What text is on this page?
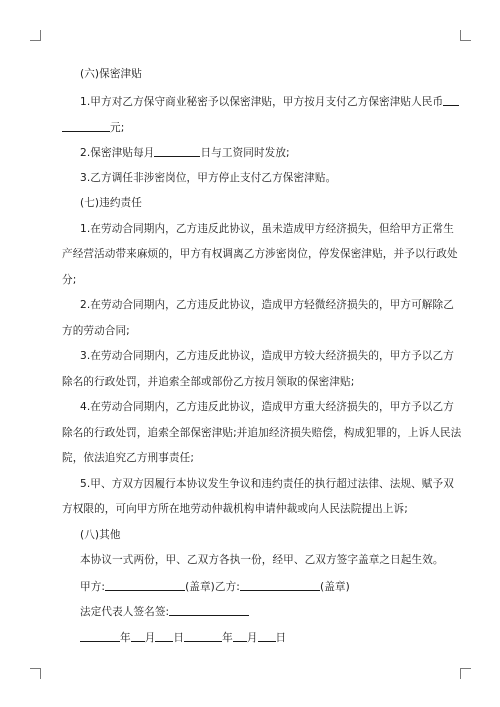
(六)保密津贴
1.甲方对乙方保守商业秘密予以保密津贴，甲方按月支付乙方保密津贴人民币
元;
2.保密津贴每月	日与工资同时发放;
3.乙方调任非涉密岗位，甲方停止支付乙方保密津贴。
(七)违约责任
1.在劳动合同期内，乙方违反此协议，虽未造成甲方经济损失，但给甲方正常生
产经营活动带来麻烦的，甲方有权调离乙方涉密岗位，停发保密津贴，并予以行政处
分;
2.在劳动合同期内，乙方违反此协议，造成甲方轻微经济损失的，甲方可解除乙
方的劳动合同;
3.在劳动合同期内，乙方违反此协议，造成甲方较大经济损失的，甲方予以乙方
除名的行政处罚，并追索全部或部份乙方按月领取的保密津贴;
4.在劳动合同期内，乙方违反此协议，造成甲方重大经济损失的，甲方予以乙方
除名的行政处罚，追索全部保密津贴;并追加经济损失赔偿，构成犯罪的，上诉人民法
院，依法追究乙方刑事责任;
5.甲、方双方因履行本协议发生争议和违约责任的执行超过法律、法规、赋予双
方权限的，可向甲方所在地劳动仲裁机构申请仲裁或向人民法院提出上诉;
(八)其他
本协议一式两份，甲、乙双方各执一份，经甲、乙双方签字盖章之日起生效。
甲方:	(盖章)乙方:	(盖章)
法定代表人签名签:
年 月 日	年 月 日
